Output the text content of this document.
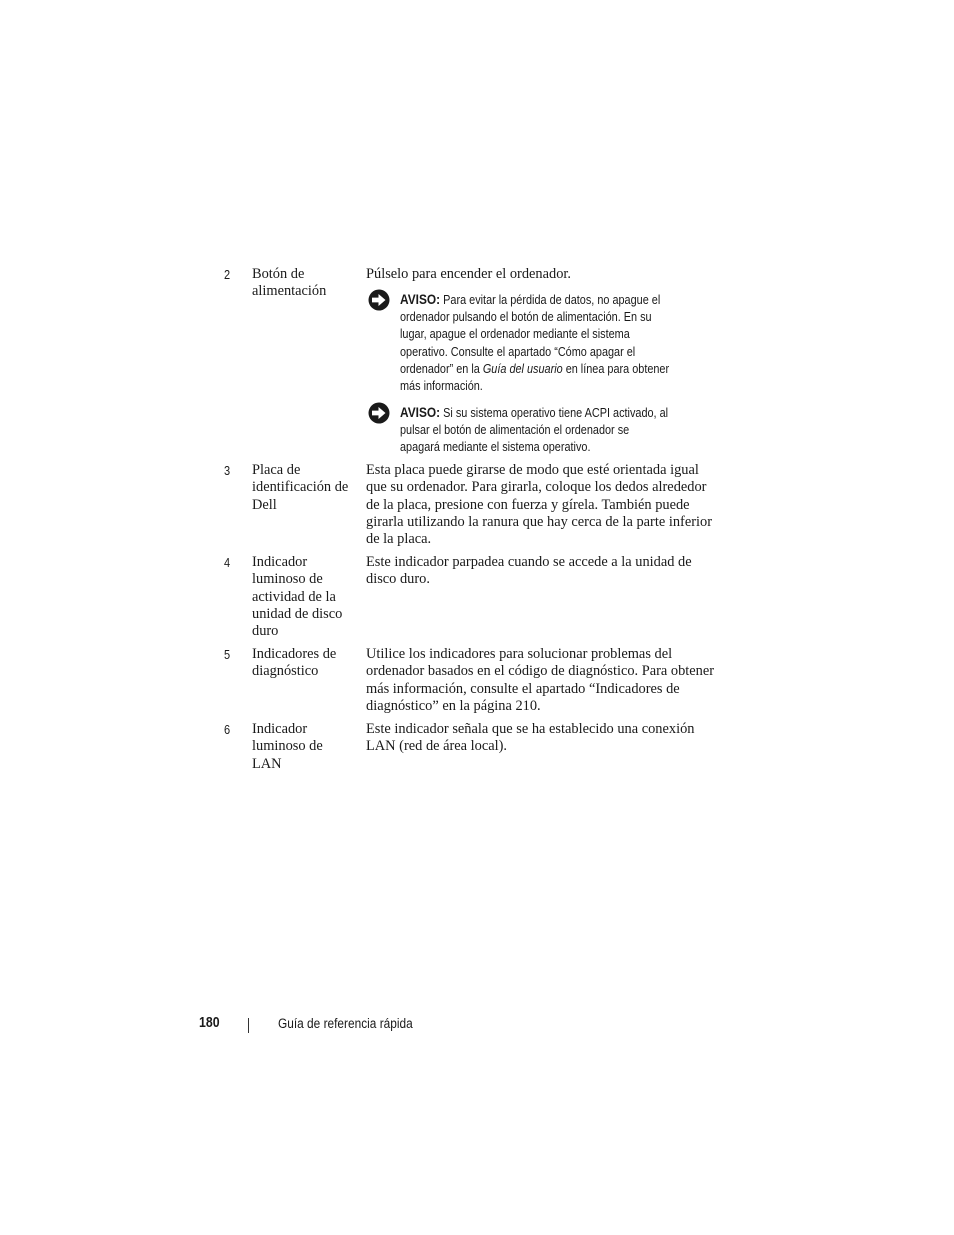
2 Botón de
alimentación
Púlselo para encender el ordenador.
AVISO: Para evitar la pérdida de datos, no apague el
ordenador pulsando el botón de alimentación. En su
lugar, apague el ordenador mediante el sistema
operativo. Consulte el apartado “Cómo apagar el
ordenador” en la Guía del usuario en línea para obtener
más información.
AVISO: Si su sistema operativo tiene ACPI activado, al
pulsar el botón de alimentación el ordenador se
apagará mediante el sistema operativo.
3 Placa de
identificación de
Dell
Esta placa puede girarse de modo que esté orientada igual
que su ordenador. Para girarla, coloque los dedos alrededor
de la placa, presione con fuerza y gírela. También puede
girarla utilizando la ranura que hay cerca de la parte inferior
de la placa.
4 Indicador
luminoso de
actividad de la
unidad de disco
duro
Este indicador parpadea cuando se accede a la unidad de
disco duro.
5 Indicadores de
diagnóstico
Utilice los indicadores para solucionar problemas del
ordenador basados en el código de diagnóstico. Para obtener
más información, consulte el apartado “Indicadores de
diagnóstico” en la página 210.
6 Indicador
luminoso de
LAN
Este indicador señala que se ha establecido una conexión
LAN (red de área local).
180	Guía de referencia rápida
